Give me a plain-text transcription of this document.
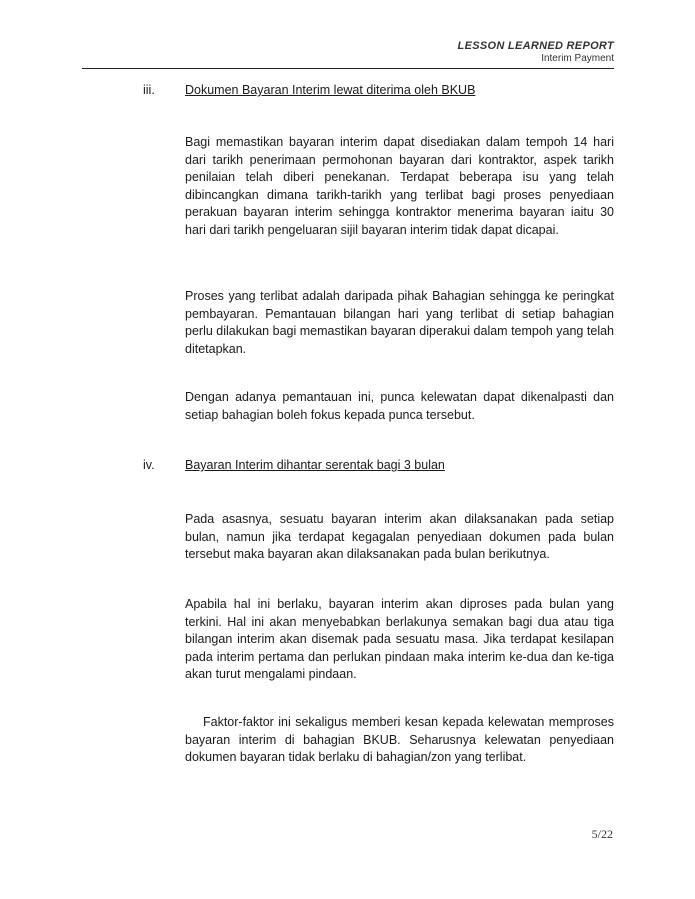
LESSON LEARNED REPORT
Interim Payment
iii. Dokumen Bayaran Interim lewat diterima oleh BKUB

Bagi memastikan bayaran interim dapat disediakan dalam tempoh 14 hari dari tarikh penerimaan permohonan bayaran dari kontraktor, aspek tarikh penilaian telah diberi penekanan. Terdapat beberapa isu yang telah dibincangkan dimana tarikh-tarikh yang terlibat bagi proses penyediaan perakuan bayaran interim sehingga kontraktor menerima bayaran iaitu 30 hari dari tarikh pengeluaran sijil bayaran interim tidak dapat dicapai.

Proses yang terlibat adalah daripada pihak Bahagian sehingga ke peringkat pembayaran. Pemantauan bilangan hari yang terlibat di setiap bahagian perlu dilakukan bagi memastikan bayaran diperakui dalam tempoh yang telah ditetapkan.

Dengan adanya pemantauan ini, punca kelewatan dapat dikenalpasti dan setiap bahagian boleh fokus kepada punca tersebut.

iv. Bayaran Interim dihantar serentak bagi 3 bulan

Pada asasnya, sesuatu bayaran interim akan dilaksanakan pada setiap bulan, namun jika terdapat kegagalan penyediaan dokumen pada bulan tersebut maka bayaran akan dilaksanakan pada bulan berikutnya.

Apabila hal ini berlaku, bayaran interim akan diproses pada bulan yang terkini. Hal ini akan menyebabkan berlakunya semakan bagi dua atau tiga bilangan interim akan disemak pada sesuatu masa. Jika terdapat kesilapan pada interim pertama dan perlukan pindaan maka interim ke-dua dan ke-tiga akan turut mengalami pindaan.

Faktor-faktor ini sekaligus memberi kesan kepada kelewatan memproses bayaran interim di bahagian BKUB. Seharusnya kelewatan penyediaan dokumen bayaran tidak berlaku di bahagian/zon yang terlibat.

5/22
